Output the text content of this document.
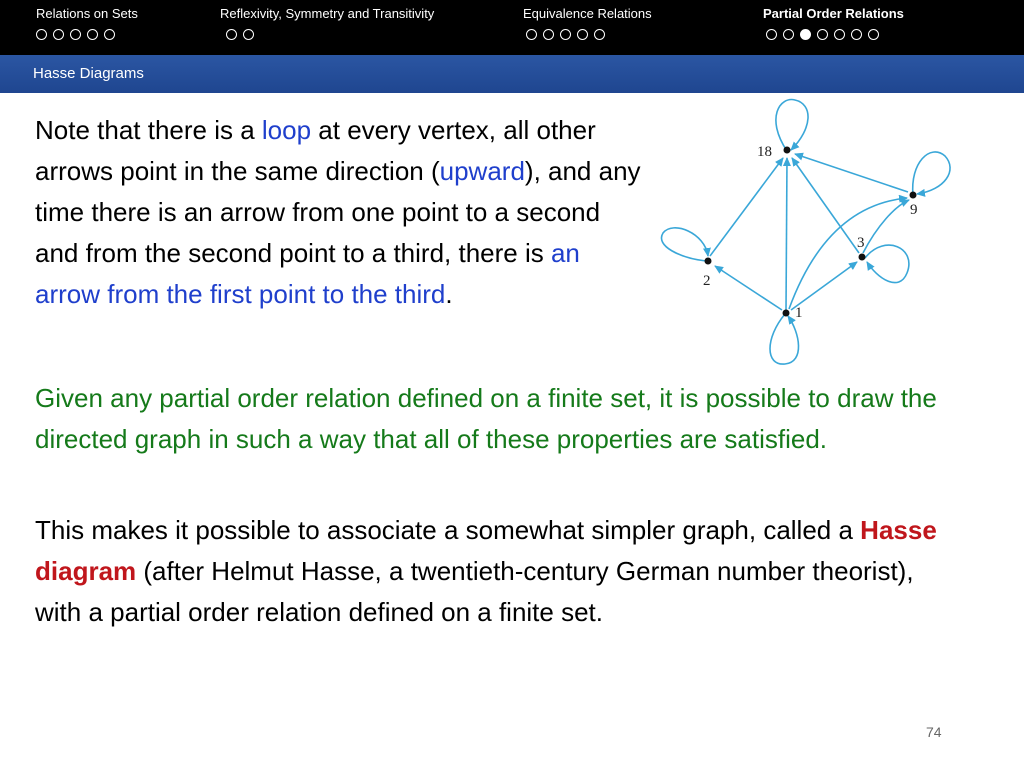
Relations on Sets	Reflexivity, Symmetry and Transitivity	Equivalence Relations	Partial Order Relations
Hasse Diagrams

Note that there is a loop at every vertex, all other arrows point in the same direction (upward), and any time there is an arrow from one point to a second and from the second point to a third, there is an arrow from the first point to the third.

18
9
3
2
1

Given any partial order relation defined on a finite set, it is possible to draw the directed graph in such a way that all of these properties are satisfied.

This makes it possible to associate a somewhat simpler graph, called a Hasse diagram (after Helmut Hasse, a twentieth-century German number theorist), with a partial order relation defined on a finite set.

74
